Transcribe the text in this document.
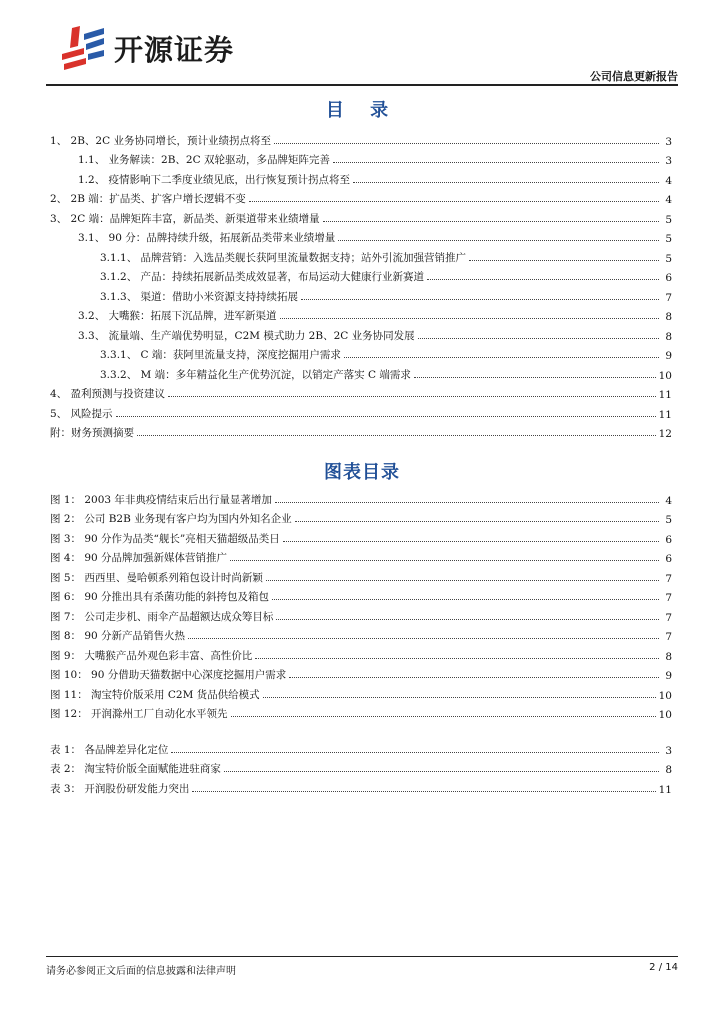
开源证券
公司信息更新报告
目 录
1、 2B、2C 业务协同增长，预计业绩拐点将至	3
1.1、 业务解读：2B、2C 双轮驱动，多品牌矩阵完善	3
1.2、 疫情影响下二季度业绩见底，出行恢复预计拐点将至	4
2、 2B 端：扩品类、扩客户增长逻辑不变	4
3、 2C 端：品牌矩阵丰富，新品类、新渠道带来业绩增量	5
3.1、 90 分：品牌持续升级，拓展新品类带来业绩增量	5
3.1.1、 品牌营销：入选品类舰长获阿里流量数据支持；站外引流加强营销推广	5
3.1.2、 产品：持续拓展新品类成效显著，布局运动大健康行业新赛道	6
3.1.3、 渠道：借助小米资源支持持续拓展	7
3.2、 大嘴猴：拓展下沉品牌，进军新渠道	8
3.3、 流量端、生产端优势明显，C2M 模式助力 2B、2C 业务协同发展	8
3.3.1、 C 端：获阿里流量支持，深度挖掘用户需求	9
3.3.2、 M 端：多年精益化生产优势沉淀，以销定产落实 C 端需求	10
4、 盈利预测与投资建议	11
5、 风险提示	11
附：财务预测摘要	12
图表目录
图 1： 2003 年非典疫情结束后出行量显著增加	4
图 2： 公司 B2B 业务现有客户均为国内外知名企业	5
图 3： 90 分作为品类“舰长”亮相天猫超级品类日	6
图 4： 90 分品牌加强新媒体营销推广	6
图 5： 西西里、曼哈顿系列箱包设计时尚新颖	7
图 6： 90 分推出具有杀菌功能的斜挎包及箱包	7
图 7： 公司走步机、雨伞产品超额达成众筹目标	7
图 8： 90 分新产品销售火热	7
图 9： 大嘴猴产品外观色彩丰富、高性价比	8
图 10： 90 分借助天猫数据中心深度挖掘用户需求	9
图 11： 淘宝特价版采用 C2M 货品供给模式	10
图 12： 开润滁州工厂自动化水平领先	10
表 1： 各品牌差异化定位	3
表 2： 淘宝特价版全面赋能进驻商家	8
表 3： 开润股份研发能力突出	11
请务必参阅正文后面的信息披露和法律声明	2 / 14
